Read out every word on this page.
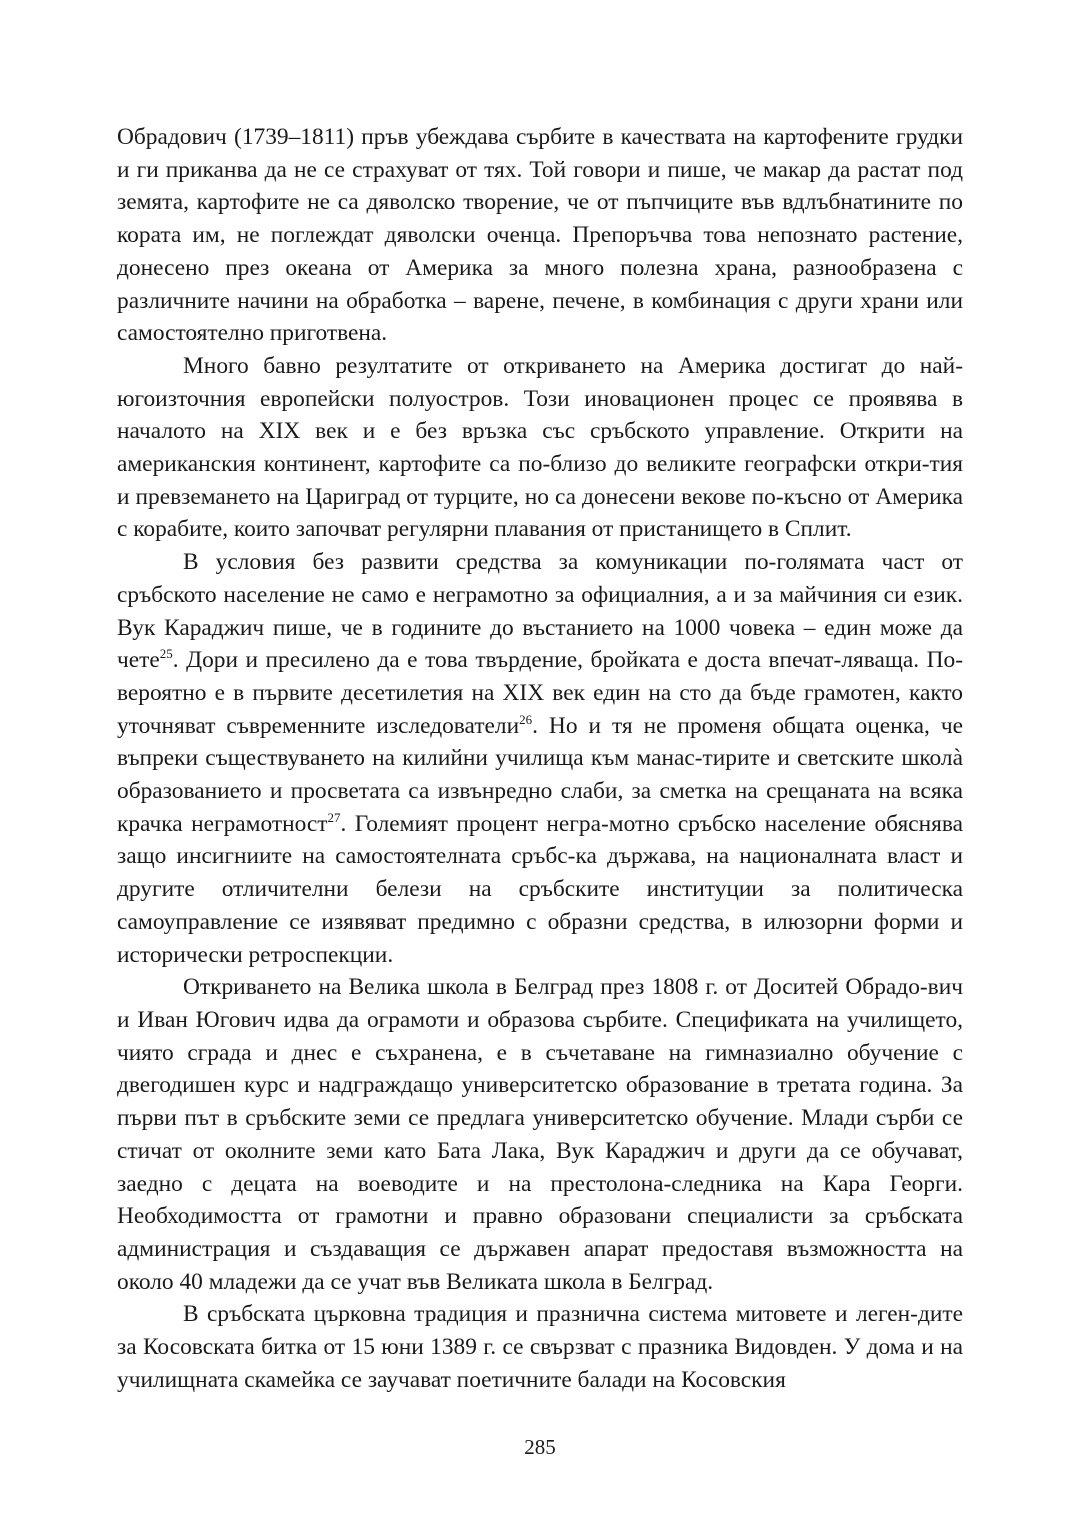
Обрадович (1739–1811) пръв убеждава сърбите в качествата на картофените грудки и ги приканва да не се страхуват от тях. Той говори и пише, че макар да растат под земята, картофите не са дяволско творение, че от пъпчиците във вдлъбнатините по кората им, не поглеждат дяволски оченца. Препоръчва това непознато растение, донесено през океана от Америка за много полезна храна, разнообразена с различните начини на обработка – варене, печене, в комбинация с други храни или самостоятелно приготвена.

Много бавно резултатите от откриването на Америка достигат до най-югоизточния европейски полуостров. Този иновационен процес се проявява в началото на XIX век и е без връзка със сръбското управление. Открити на американския континент, картофите са по-близо до великите географски откри-тия и превземането на Цариград от турците, но са донесени векове по-късно от Америка с корабите, които започват регулярни плавания от пристанището в Сплит.

В условия без развити средства за комуникации по-голямата част от сръбското население не само е неграмотно за официалния, а и за майчиния си език. Вук Караджич пише, че в годините до въстанието на 1000 човека – един може да чете$^{25}$. Дори и пресилено да е това твърдение, бройката е доста впечат-ляваща. По-вероятно е в първите десетилетия на XIX век един на сто да бъде грамотен, както уточняват съвременните изследователи$^{26}$. Но и тя не променя общата оценка, че въпреки съществуването на килийни училища към манас-тирите и светските школà образованието и просветата са извънредно слаби, за сметка на срещаната на всяка крачка неграмотност$^{27}$. Големият процент негра-мотно сръбско население обяснява защо инсигниите на самостоятелната сръбс-ка държава, на националната власт и другите отличителни белези на сръбските институции за политическа самоуправление се изявяват предимно с образни средства, в илюзорни форми и исторически ретроспекции.

Откриването на Велика школа в Белград през 1808 г. от Доситей Обрадо-вич и Иван Югович идва да ограмоти и образова сърбите. Спецификата на училището, чиято сграда и днес е съхранена, е в съчетаване на гимназиално обучение с двегодишен курс и надграждащо университетско образование в третата година. За първи път в сръбските земи се предлага университетско обучение. Млади сърби се стичат от околните земи като Бата Лака, Вук Караджич и други да се обучават, заедно с децата на воеводите и на престолона-следника на Кара Георги. Необходимостта от грамотни и правно образовани специалисти за сръбската администрация и създаващия се държавен апарат предоставя възможността на около 40 младежи да се учат във Великата школа в Белград.

В сръбската църковна традиция и празнична система митовете и леген-дите за Косовската битка от 15 юни 1389 г. се свързват с празника Видовден. У дома и на училищната скамейка се заучават поетичните балади на Косовския

285
